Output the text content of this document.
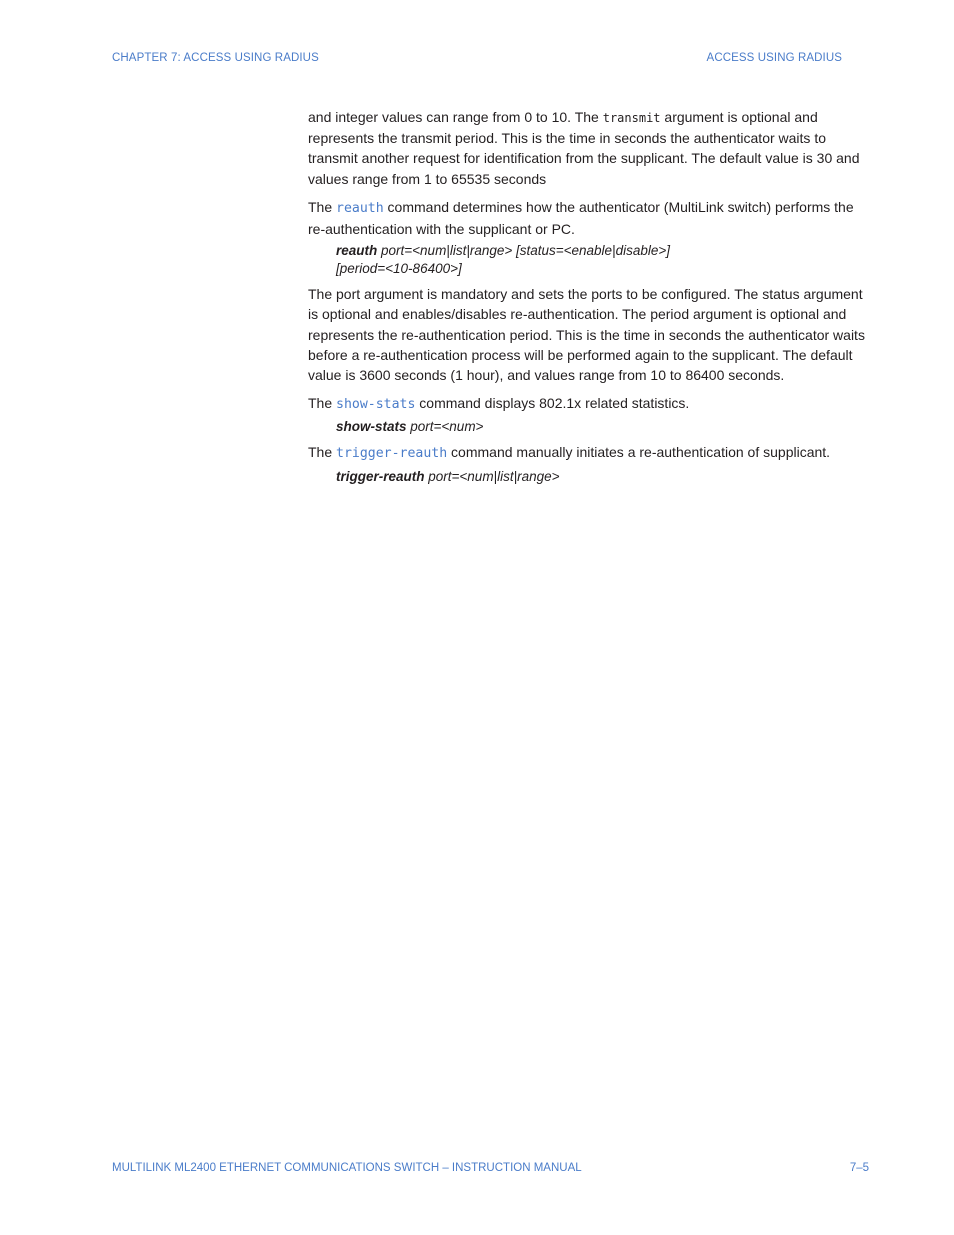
CHAPTER 7: ACCESS USING RADIUS	ACCESS USING RADIUS

and integer values can range from 0 to 10. The transmit argument is optional and represents the transmit period. This is the time in seconds the authenticator waits to transmit another request for identification from the supplicant. The default value is 30 and values range from 1 to 65535 seconds

The reauth command determines how the authenticator (MultiLink switch) performs the re-authentication with the supplicant or PC.

reauth port=<num|list|range> [status=<enable|disable>]
[period=<10-86400>]

The port argument is mandatory and sets the ports to be configured. The status argument is optional and enables/disables re-authentication. The period argument is optional and represents the re-authentication period. This is the time in seconds the authenticator waits before a re-authentication process will be performed again to the supplicant. The default value is 3600 seconds (1 hour), and values range from 10 to 86400 seconds.

The show-stats command displays 802.1x related statistics.

show-stats port=<num>

The trigger-reauth command manually initiates a re-authentication of supplicant.

trigger-reauth port=<num|list|range>
MULTILINK ML2400 ETHERNET COMMUNICATIONS SWITCH – INSTRUCTION MANUAL	7–5
